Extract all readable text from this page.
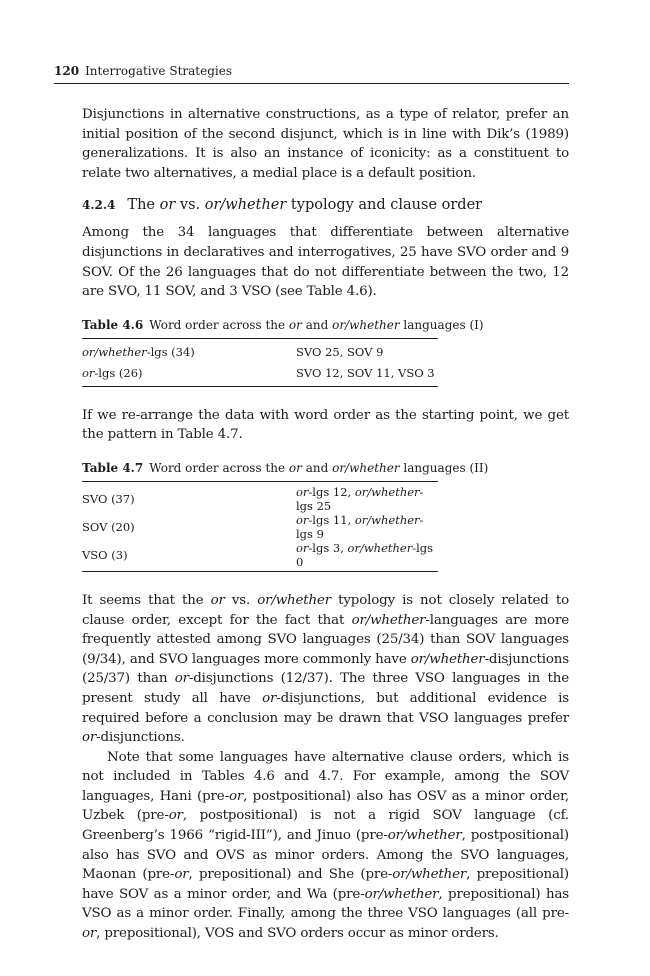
120 Interrogative Strategies

Disjunctions in alternative constructions, as a type of relator, prefer an initial position of the second disjunct, which is in line with Dik’s (1989) generalizations. It is also an instance of iconicity: as a constituent to relate two alternatives, a medial place is a default position.

4.2.4 The or vs. or/whether typology and clause order

Among the 34 languages that differentiate between alternative disjunctions in declaratives and interrogatives, 25 have SVO order and 9 SOV. Of the 26 languages that do not differentiate between the two, 12 are SVO, 11 SOV, and 3 VSO (see Table 4.6).

Table 4.6 Word order across the or and or/whether languages (I)
or/whether-lgs (34)	SVO 25, SOV 9
or-lgs (26)	SVO 12, SOV 11, VSO 3

If we re-arrange the data with word order as the starting point, we get the pattern in Table 4.7.

Table 4.7 Word order across the or and or/whether languages (II)
SVO (37)	or-lgs 12, or/whether-lgs 25
SOV (20)	or-lgs 11, or/whether-lgs 9
VSO (3)	or-lgs 3, or/whether-lgs 0

It seems that the or vs. or/whether typology is not closely related to clause order, except for the fact that or/whether-languages are more frequently attested among SVO languages (25/34) than SOV languages (9/34), and SVO languages more commonly have or/whether-disjunctions (25/37) than or-disjunctions (12/37). The three VSO languages in the present study all have or-disjunctions, but additional evidence is required before a conclusion may be drawn that VSO languages prefer or-disjunctions.

Note that some languages have alternative clause orders, which is not included in Tables 4.6 and 4.7. For example, among the SOV languages, Hani (pre-or, postpositional) also has OSV as a minor order, Uzbek (pre-or, postpositional) is not a rigid SOV language (cf. Greenberg’s 1966 “rigid-III”), and Jinuo (pre-or/whether, postpositional) also has SVO and OVS as minor orders. Among the SVO languages, Maonan (pre-or, prepositional) and She (pre-or/whether, prepositional) have SOV as a minor order, and Wa (pre-or/whether, prepositional) has VSO as a minor order. Finally, among the three VSO languages (all pre-or, prepositional), VOS and SVO orders occur as minor orders.
